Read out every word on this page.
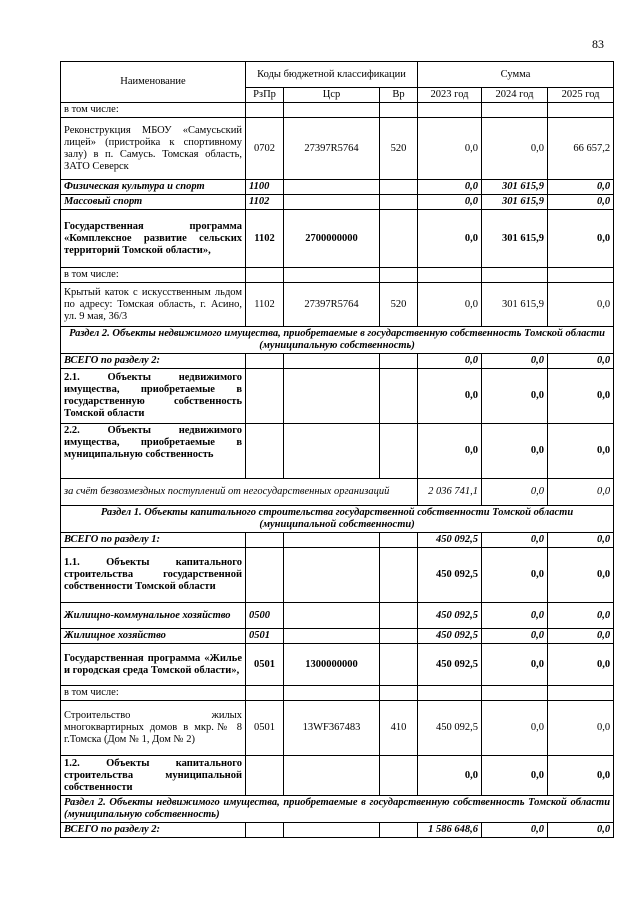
83
Наименование	Коды бюджетной классификации			Сумма		
	РзПр	Цср	Вр	2023 год	2024 год	2025 год
в том числе:						
Реконструкция МБОУ «Самусьский лицей» (пристройка к спортивному залу) в п. Самусь. Томская область, ЗАТО Северск	0702	27397R5764	520	0,0	0,0	66 657,2
Физическая культура и спорт	1100			0,0	301 615,9	0,0
Массовый спорт	1102			0,0	301 615,9	0,0
Государственная программа «Комплексное развитие сельских территорий Томской области»,	1102	2700000000		0,0	301 615,9	0,0
в том числе:						
Крытый каток с искусственным льдом по адресу: Томская область, г. Асино, ул. 9 мая, 36/3	1102	27397R5764	520	0,0	301 615,9	0,0
Раздел 2. Объекты недвижимого имущества, приобретаемые в государственную собственность Томской области (муниципальную собственность)						
ВСЕГО по разделу 2:				0,0	0,0	0,0
2.1. Объекты недвижимого имущества, приобретаемые в государственную собственность Томской области				0,0	0,0	0,0
2.2. Объекты недвижимого имущества, приобретаемые в муниципальную собственность				0,0	0,0	0,0
за счёт безвозмездных поступлений от негосударственных организаций				2 036 741,1	0,0	0,0
Раздел 1. Объекты капитального строительства государственной собственности Томской области (муниципальной собственности)						
ВСЕГО по разделу 1:				450 092,5	0,0	0,0
1.1. Объекты капитального строительства государственной собственности Томской области				450 092,5	0,0	0,0
Жилищно-коммунальное хозяйство	0500			450 092,5	0,0	0,0
Жилищное хозяйство	0501			450 092,5	0,0	0,0
Государственная программа «Жилье и городская среда Томской области»,	0501	1300000000		450 092,5	0,0	0,0
в том числе:						
Строительство жилых многоквартирных домов в мкр.№ 8 г.Томска (Дом № 1, Дом № 2)	0501	13WF367483	410	450 092,5	0,0	0,0
1.2. Объекты капитального строительства муниципальной собственности				0,0	0,0	0,0
Раздел 2. Объекты недвижимого имущества, приобретаемые в государственную собственность Томской области (муниципальную собственность)						
ВСЕГО по разделу 2:				1 586 648,6	0,0	0,0
